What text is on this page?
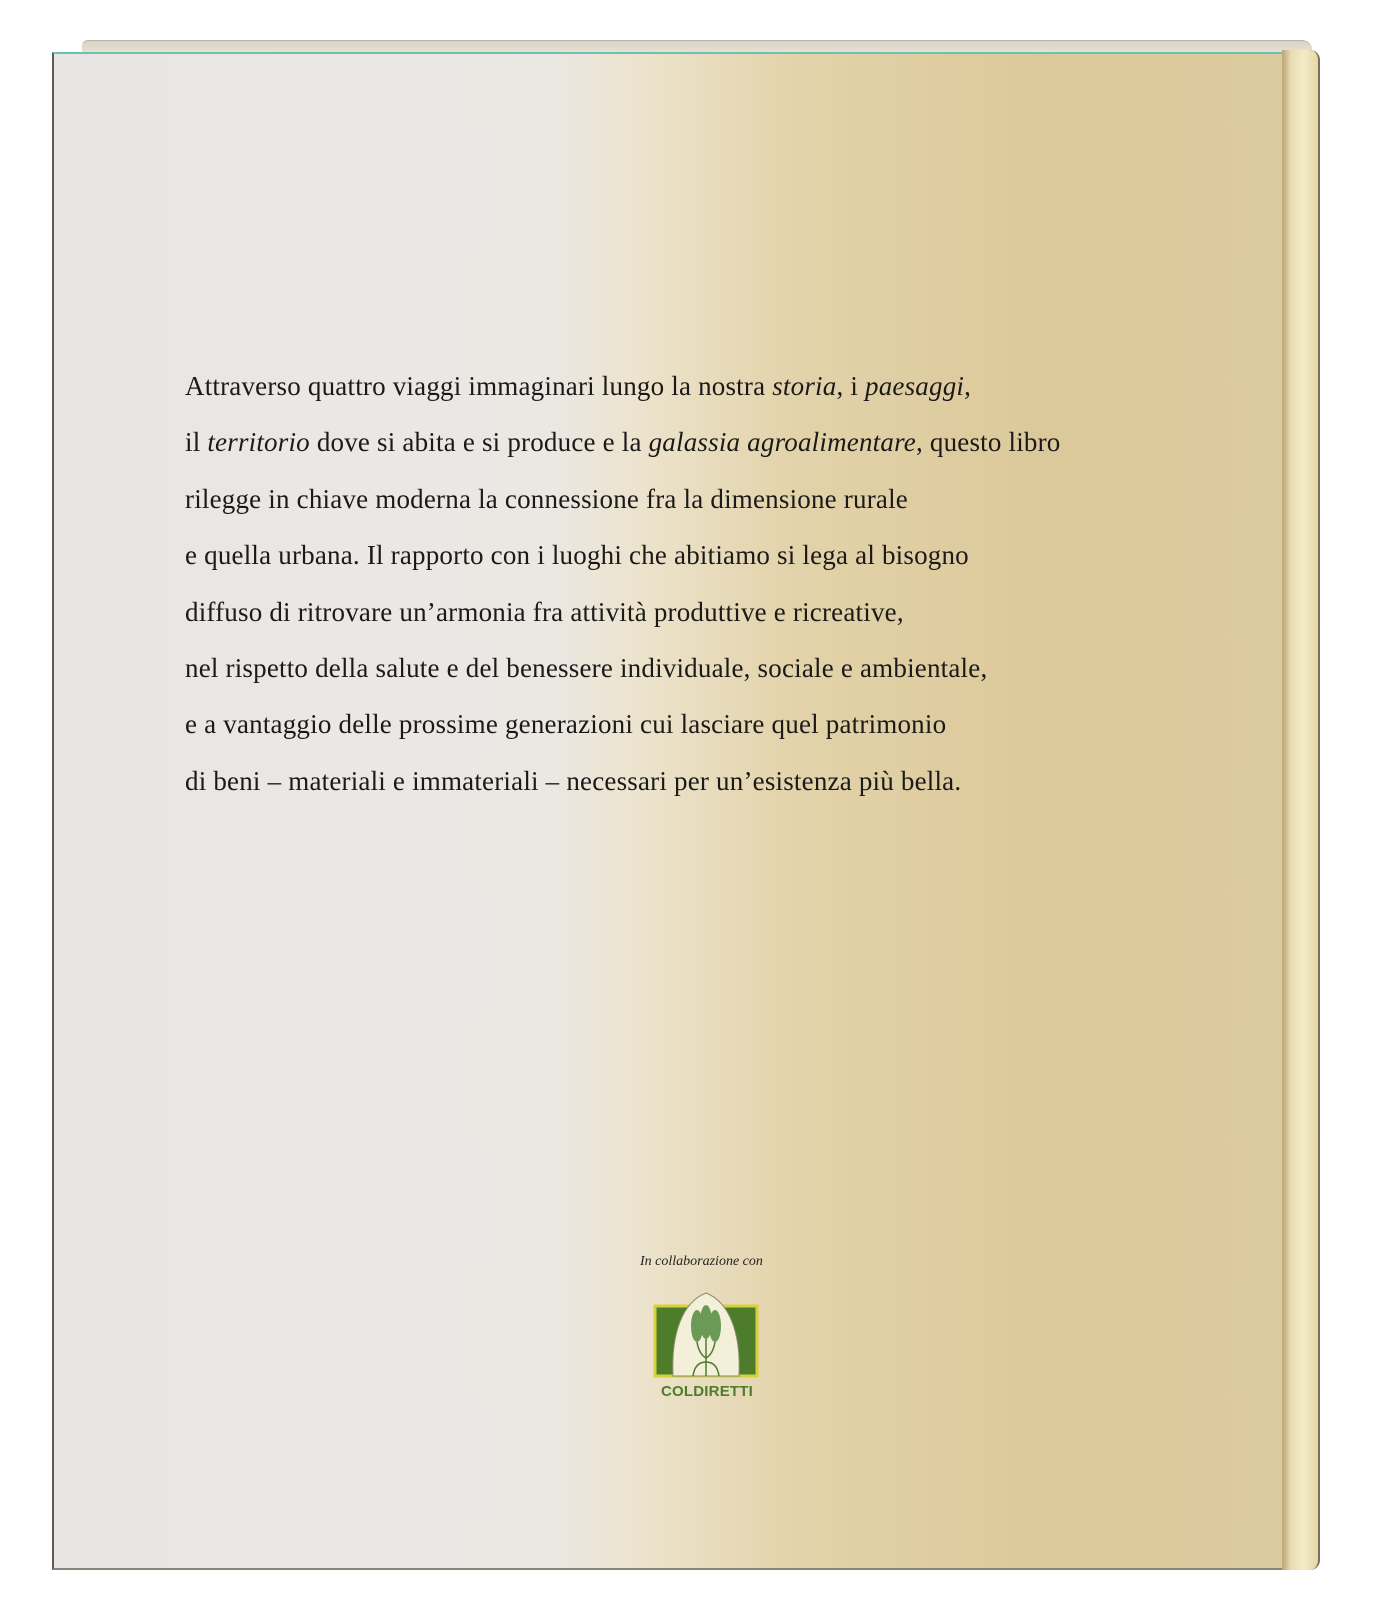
Attraverso quattro viaggi immaginari lungo la nostra storia, i paesaggi,
il territorio dove si abita e si produce e la galassia agroalimentare, questo libro
rilegge in chiave moderna la connessione fra la dimensione rurale
e quella urbana. Il rapporto con i luoghi che abitiamo si lega al bisogno
diffuso di ritrovare un’armonia fra attività produttive e ricreative,
nel rispetto della salute e del benessere individuale, sociale e ambientale,
e a vantaggio delle prossime generazioni cui lasciare quel patrimonio
di beni – materiali e immateriali – necessari per un’esistenza più bella.
In collaborazione con
COLDIRETTI
